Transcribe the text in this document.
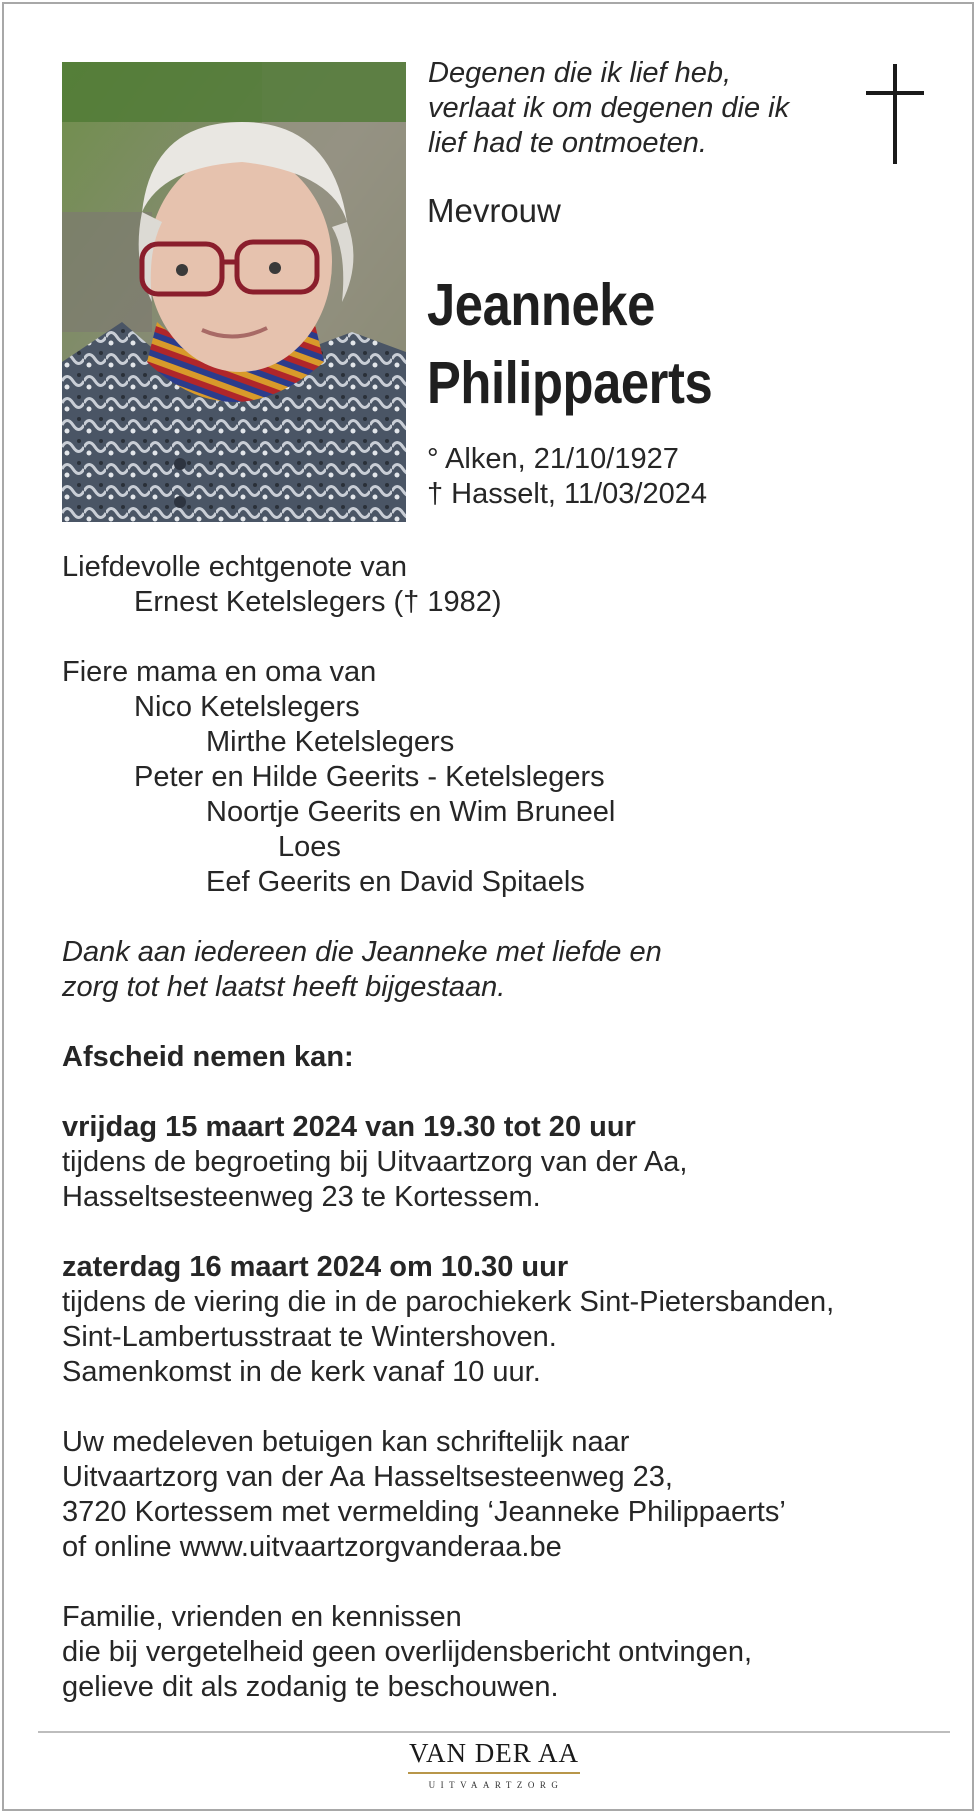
Degenen die ik lief heb,
verlaat ik om degenen die ik
lief had te ontmoeten.
Mevrouw
Jeanneke
Philippaerts
° Alken, 21/10/1927
† Hasselt, 11/03/2024
Liefdevolle echtgenote van
Ernest Ketelslegers († 1982)
Fiere mama en oma van
Nico Ketelslegers
Mirthe Ketelslegers
Peter en Hilde Geerits - Ketelslegers
Noortje Geerits en Wim Bruneel
Loes
Eef Geerits en David Spitaels
Dank aan iedereen die Jeanneke met liefde en
zorg tot het laatst heeft bijgestaan.
Afscheid nemen kan:
vrijdag 15 maart 2024 van 19.30 tot 20 uur
tijdens de begroeting bij Uitvaartzorg van der Aa,
Hasseltsesteenweg 23 te Kortessem.
zaterdag 16 maart 2024 om 10.30 uur
tijdens de viering die in de parochiekerk Sint-Pietersbanden,
Sint-Lambertusstraat te Wintershoven.
Samenkomst in de kerk vanaf 10 uur.
Uw medeleven betuigen kan schriftelijk naar
Uitvaartzorg van der Aa Hasseltsesteenweg 23,
3720 Kortessem met vermelding ‘Jeanneke Philippaerts’
of online www.uitvaartzorgvanderaa.be
Familie, vrienden en kennissen
die bij vergetelheid geen overlijdensbericht ontvingen,
gelieve dit als zodanig te beschouwen.
VAN DER AA
UITVAARTZORG
